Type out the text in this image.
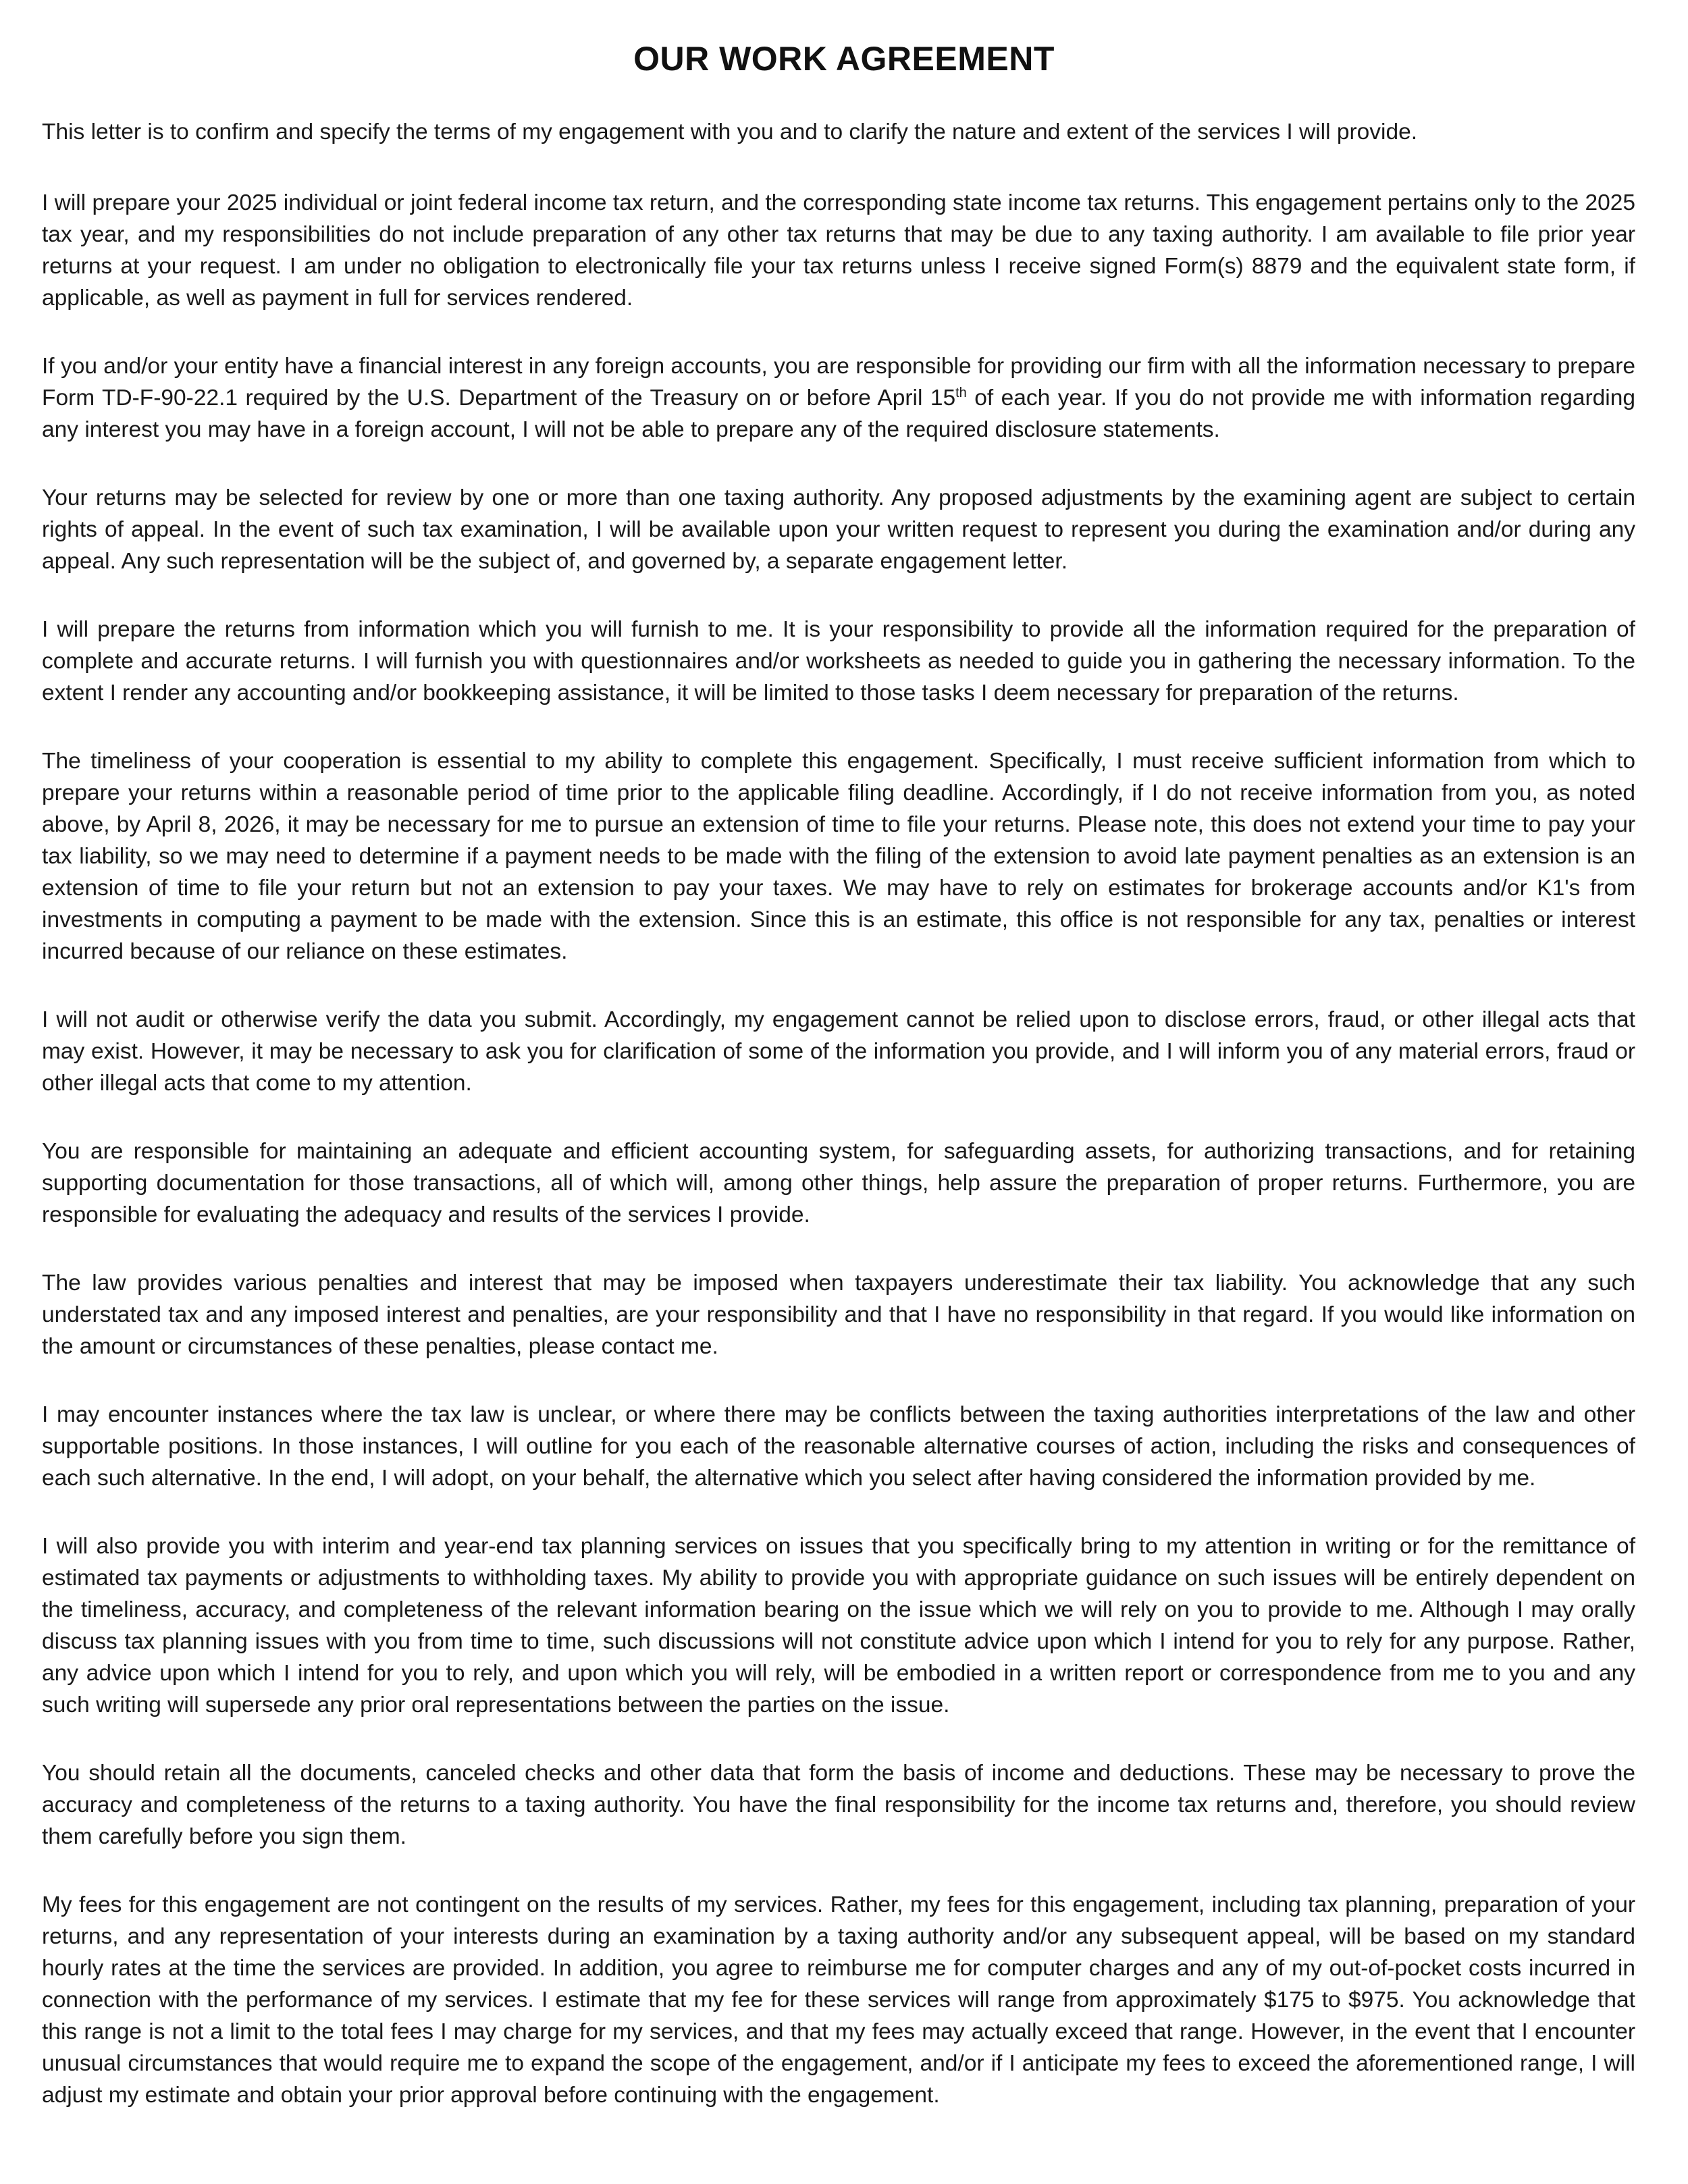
OUR WORK AGREEMENT

This letter is to confirm and specify the terms of my engagement with you and to clarify the nature and extent of the services I will provide.

I will prepare your 2025 individual or joint federal income tax return, and the corresponding state income tax returns. This engagement pertains only to the 2025 tax year, and my responsibilities do not include preparation of any other tax returns that may be due to any taxing authority. I am available to file prior year returns at your request. I am under no obligation to electronically file your tax returns unless I receive signed Form(s) 8879 and the equivalent state form, if applicable, as well as payment in full for services rendered.

If you and/or your entity have a financial interest in any foreign accounts, you are responsible for providing our firm with all the information necessary to prepare Form TD-F-90-22.1 required by the U.S. Department of the Treasury on or before April 15th of each year. If you do not provide me with information regarding any interest you may have in a foreign account, I will not be able to prepare any of the required disclosure statements.

Your returns may be selected for review by one or more than one taxing authority. Any proposed adjustments by the examining agent are subject to certain rights of appeal. In the event of such tax examination, I will be available upon your written request to represent you during the examination and/or during any appeal. Any such representation will be the subject of, and governed by, a separate engagement letter.

I will prepare the returns from information which you will furnish to me. It is your responsibility to provide all the information required for the preparation of complete and accurate returns. I will furnish you with questionnaires and/or worksheets as needed to guide you in gathering the necessary information. To the extent I render any accounting and/or bookkeeping assistance, it will be limited to those tasks I deem necessary for preparation of the returns.

The timeliness of your cooperation is essential to my ability to complete this engagement. Specifically, I must receive sufficient information from which to prepare your returns within a reasonable period of time prior to the applicable filing deadline. Accordingly, if I do not receive information from you, as noted above, by April 8, 2026, it may be necessary for me to pursue an extension of time to file your returns. Please note, this does not extend your time to pay your tax liability, so we may need to determine if a payment needs to be made with the filing of the extension to avoid late payment penalties as an extension is an extension of time to file your return but not an extension to pay your taxes. We may have to rely on estimates for brokerage accounts and/or K1's from investments in computing a payment to be made with the extension. Since this is an estimate, this office is not responsible for any tax, penalties or interest incurred because of our reliance on these estimates.

I will not audit or otherwise verify the data you submit. Accordingly, my engagement cannot be relied upon to disclose errors, fraud, or other illegal acts that may exist. However, it may be necessary to ask you for clarification of some of the information you provide, and I will inform you of any material errors, fraud or other illegal acts that come to my attention.

You are responsible for maintaining an adequate and efficient accounting system, for safeguarding assets, for authorizing transactions, and for retaining supporting documentation for those transactions, all of which will, among other things, help assure the preparation of proper returns. Furthermore, you are responsible for evaluating the adequacy and results of the services I provide.

The law provides various penalties and interest that may be imposed when taxpayers underestimate their tax liability. You acknowledge that any such understated tax and any imposed interest and penalties, are your responsibility and that I have no responsibility in that regard. If you would like information on the amount or circumstances of these penalties, please contact me.

I may encounter instances where the tax law is unclear, or where there may be conflicts between the taxing authorities interpretations of the law and other supportable positions. In those instances, I will outline for you each of the reasonable alternative courses of action, including the risks and consequences of each such alternative. In the end, I will adopt, on your behalf, the alternative which you select after having considered the information provided by me.

I will also provide you with interim and year-end tax planning services on issues that you specifically bring to my attention in writing or for the remittance of estimated tax payments or adjustments to withholding taxes. My ability to provide you with appropriate guidance on such issues will be entirely dependent on the timeliness, accuracy, and completeness of the relevant information bearing on the issue which we will rely on you to provide to me. Although I may orally discuss tax planning issues with you from time to time, such discussions will not constitute advice upon which I intend for you to rely for any purpose. Rather, any advice upon which I intend for you to rely, and upon which you will rely, will be embodied in a written report or correspondence from me to you and any such writing will supersede any prior oral representations between the parties on the issue.

You should retain all the documents, canceled checks and other data that form the basis of income and deductions. These may be necessary to prove the accuracy and completeness of the returns to a taxing authority. You have the final responsibility for the income tax returns and, therefore, you should review them carefully before you sign them.

My fees for this engagement are not contingent on the results of my services. Rather, my fees for this engagement, including tax planning, preparation of your returns, and any representation of your interests during an examination by a taxing authority and/or any subsequent appeal, will be based on my standard hourly rates at the time the services are provided. In addition, you agree to reimburse me for computer charges and any of my out-of-pocket costs incurred in connection with the performance of my services. I estimate that my fee for these services will range from approximately $175 to $975. You acknowledge that this range is not a limit to the total fees I may charge for my services, and that my fees may actually exceed that range. However, in the event that I encounter unusual circumstances that would require me to expand the scope of the engagement, and/or if I anticipate my fees to exceed the aforementioned range, I will adjust my estimate and obtain your prior approval before continuing with the engagement.
